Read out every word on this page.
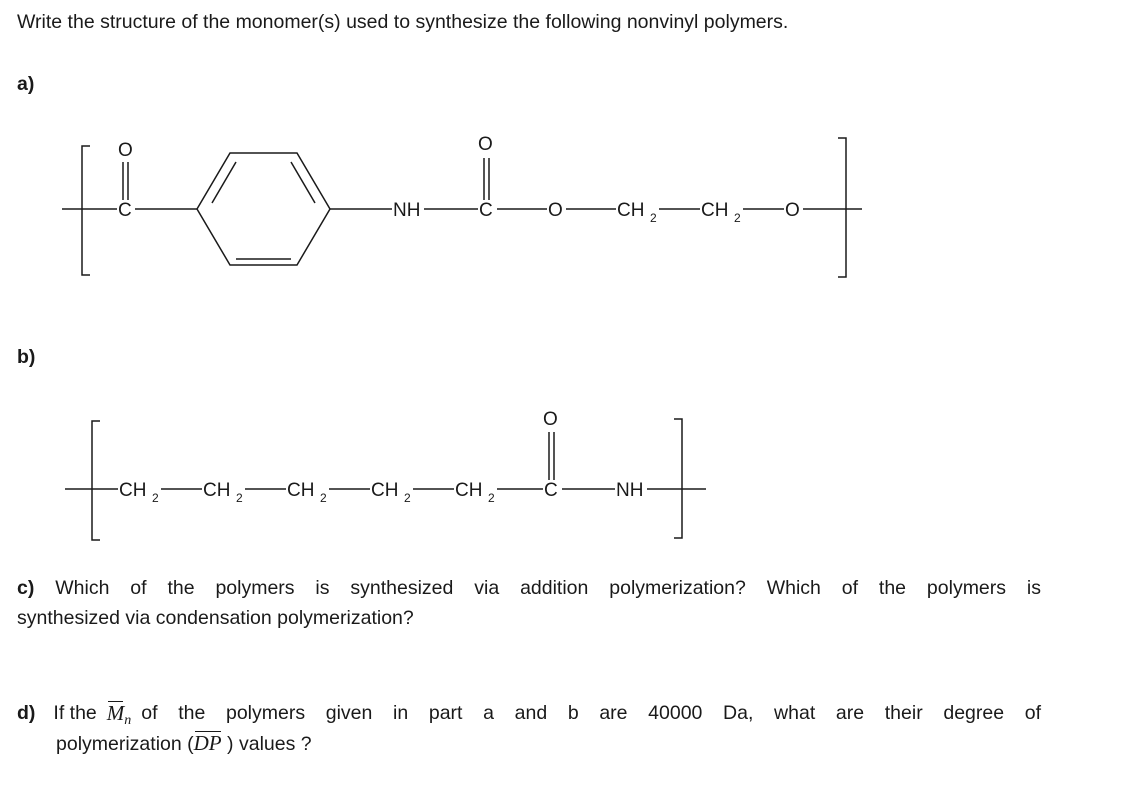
Write the structure of the monomer(s) used to synthesize the following nonvinyl polymers.
a)
O
C	NH
O
C	O	CH 2 CH 2 O
b)
CH 2 CH 2 CH 2 CH 2 CH 2
O
C	NH
c) Which of the polymers is synthesized via addition polymerization? Which of the polymers is
synthesized via condensation polymerization?
d) If the $M_n$ of the polymers given in part a and b are 40000 Da, what are their degree of
polymerization (
DP ) values ?
